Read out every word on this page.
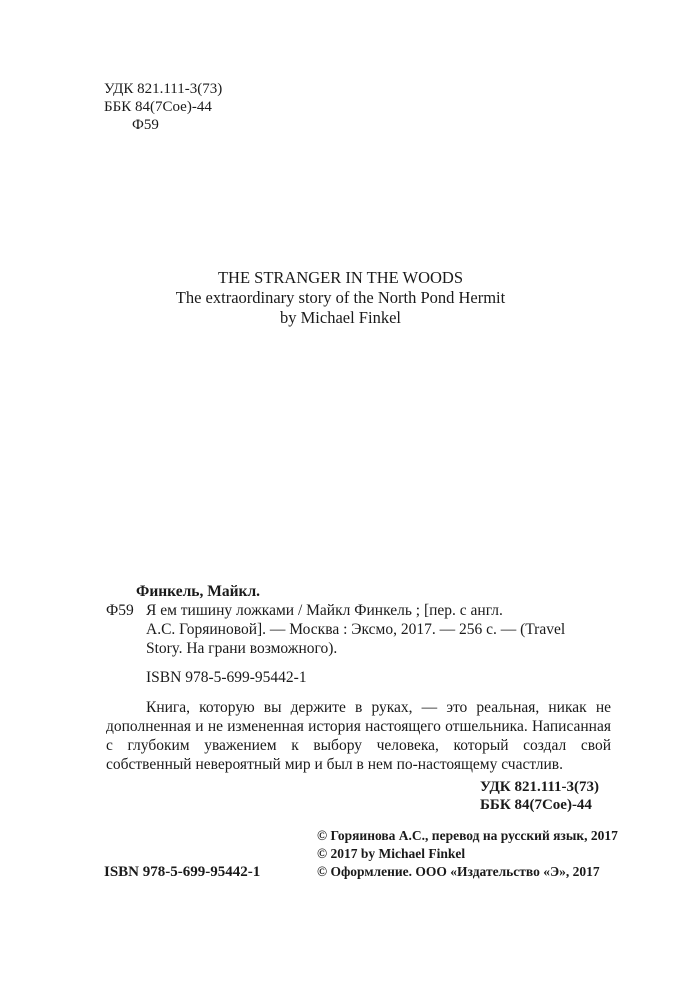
УДК 821.111-3(73)
ББК 84(7Сое)-44
Ф59
THE STRANGER IN THE WOODS
The extraordinary story of the North Pond Hermit
by Michael Finkel
Финкель, Майкл.
Ф59 Я ем тишину ложками / Майкл Финкель ; [пер. с англ.
А.С. Горяиновой]. — Москва : Эксмо, 2017. — 256 с. — (Travel
Story. На грани возможного).
ISBN 978-5-699-95442-1
Книга, которую вы держите в руках, — это реальная, никак не дополненная и не измененная история настоящего отшельника. Написанная с глубоким уважением к выбору человека, который создал свой собственный невероятный мир и был в нем по-настоящему счастлив.
УДК 821.111-3(73)
ББК 84(7Сое)-44
© Горяинова А.С., перевод на русский язык, 2017
© 2017 by Michael Finkel
© Оформление. ООО «Издательство «Э», 2017
ISBN 978-5-699-95442-1
